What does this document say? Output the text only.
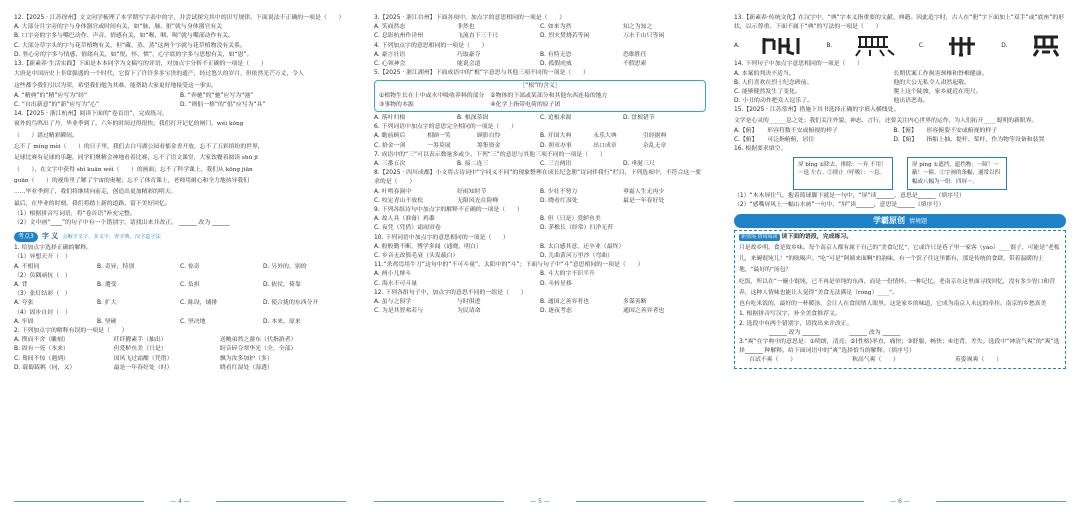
12.【2025 · 江苏徐州】文文同学梳理了本学期写字表中的字，并尝试探究其中的识写规律。下面说法不正确的一项是（　　）
A. 大部分月字旁的字与身体器官或时间有关，如“脉、肺、脏”就与身体器官有关
B. 口字旁的字多与嘴巴动作、声音、情感有关，如“喉、咽、喝”就与嘴部动作有关。
C. 大部分草字头的字与花草植物有关，但“藏、蒸、蒸”这两个字就与花草植物没有关系。
D. 竖心旁的字多与情感、情绪有关，如“悦、怀、愤”，心字底的字多与思想有关，如“恩”。
13.【新素养·生活实践】下面是本本同学为文稿写的评语，对加点字分析不正确的一项是（　　）
大唐是中国历史上非常强盛的一个时代，它留下了许许多多宝贵的遗产，经过悠久的岁月，但依然光芒万丈，令人
这些都令我们引以为荣，希望我们勉为其难，能帮助大家更好地接受这一事实。
A. “精典”的“精”应写为“经”	B. “奔驰”的“驰”应写为“弛”
C. “自出新意”的“新”应写为“心”	D. “则倡一格”的“倡”应写为“具”
14.【2025 · 浙江杭州】阅读下面的“卷首语”，完成练习。
窗外的鸟鸣出了丹，毕业季到了。六年的时间过得很快。我们打开记忆的闸门，wéi kōng
（　　）错过精彩瞬间。
忘不了 míng mèi（　　）的日子里，我们去白马湖公园看郁金香开放，忘不了五彩缤纷的世界，
足球比赛有足球的乐趣，同学们聚精会神地看着比赛，忘不了语文课堂，大家饮餐着阅读 shū jī
（　　），在文字中获得 shí kuān wéi（　　）的画面；忘不了科学课上，我们从 kōng jiān
guān（　　）的视角里了解了宇宙的奥秘；忘不了体育课上，老师用耐心和全力地执导我们
……毕业季到了，我们将继续向前走，创造出更加精彩的明天。
最后，在毕业的时刻，我们将踏上新的道路，留下美好回忆。
（1）根据拼音写词语，将“卷首语”补充完整。
（2）文中画“____”的句子中有一个错别字，请找出来并改正。 ______ 改为 ______
考点3	字 义 会解字义字、多义字、查字典、汉字造字法
1. 给加点字选择正确的解释。
（1）异想天开（　）
A. 不相同	B. 奇异，特别	C. 惊奇	D. 另外的，别的
（2）负隅顽抗（　）
A. 背	B. 遭受	C. 负担	D. 依仗，倚靠
（3）张灯结彩（　）
A. 夸张	B. 扩大	C. 陈设，铺排	D. 使合拢的东西分开
（4）固步自封（　）
A. 牢固	B. 坚硬	C. 坚决地	D. 本来，原来
2. 下列加点字的解释有误的一项是（　　）
A. 锲而不舍（雕刻）	纤纤擢素手（抽出）	送鲍弟然之游东（代指游者）
B. 固有一死（本来）	但爱鲈鱼美（只是）	盼音碎夺翠华光（全，全部）
C. 蓦间不惊（遇到）	国风飞过霜酣（凭借）	飘为汝多加护（多）
D. 载蜀载羁（同，又）	最是一年春好处（时）	晓看红湿处（湿透）
— 4 —
3.【2025 · 浙江台州】下面各项中，加点字的意思相同的一项是（　　）
A. 笑面然态	非然也	C. 如来为然	知之为知之
C. 息影杭州作洋州	飞流直下三千尺	D. 烈火焚烧若等闲	万水千山只等闲
4. 下列加点字的意思相同的一项是（　　）
A. 豪言壮语	巧取豪夺	B. 有特无恐	恐维胜任
C. 心领神会	能说会道	D. 孤假虎威	不假思索
5.【2025 · 浙江湖州】下面成语中的“根”字意思与其他三项不同的一项是（　　）
［“根”的含义］
①植物生长在土中或水中吸收养料的部分　②物体的下部或某部分和其他东西连接的地方
③事物的本源　　　　　　　　　　　　　④化学上指带电荷的原子团
A. 落叶归根	B. 根深蒂固	C. 追根求源	D. 盘根错节
6. 下列词语中加点字的意思完全相同的一项是（　　）
A. 瞻前顾后	相顾一笑	顾影自怜	B. 开国大典	永乐大典	引经据典
C. 拾金一剑	一筹莫展	筹集资金	D. 照章办事	出口成章	杂乱无章
7. 成语中的“三”可以表示数量多或少。下列“三”的意思与其他三项不同的一项是（　　）
A. 三番五次	B. 接二连三	C. 三言两语	D. 垂涎三尺
8.【2025 · 四川成都】小文将古诗词中“字同义不同”的现象整理在成长纪念册“诗词伴我行”栏目，下列选项中，不符合这一要求的是（　　）
A. 叶鸣春涧中	好雨知时节	B. 少壮不努力	垂霜人生无再少
C. 咬定青山不放松	无限风光在险峰	D. 晓看红湿处	最是一年春好处
9. 下列各组诗句中加点字的解释不正确的一项是（　　）
A. 故人具（准备）鸡黍	B. 但（只是）爱鲈鱼美
C. 夜凭（凭借）霜雨帘卷	D. 茅檐长（经常）扫净无苔
10. 下列词语中加点字的意思相同的一项是（　　）
A. 般般勤不断，博学多闻（通晓，明白）	B. 太白感其意，还卒业（最终）
C. 乡音无改鬓毛衰（头发疏白）	D. 儿曲黄河万里沙（弯曲）
11.“杀鸡焉用牛刀”这句中的“不可斗量”，太阳中的“斗”；下面与句子中“斗”意思相同的一项是（　　）
A. 两小儿辩斗	B. 斗大的字不识半升
C. 海水不可斗量	D. 斗转星移
12. 下列各组句子中，加点字的意思不同的一组是（　　）
A. 虽与之俱学	与时俱进	B. 通国之善弈者也	多谋善断
C. 为是其智弗若与	为民请命	D. 逐夜考虑	通国之善弈者也
— 5 —
13.【新素养·传统文化】在汉字中，“典”字本义指重要的文献、典籍。因此造字时，古人在“册”字下面加上“双手”或“底座”的形状，以示尊重。下面不属于“典”的写法的一项是（　　）
A.	B.	C.	D.
14. 下列句子中加点字意思相同的一项是（　　）
A. 本案的判决不适当。	长期伏案工作损害颈椎和脊椎健康。
B. 人们喜欢在烈士纪念碑前。	他的大公无私令人肃然起敬。
C. 能够健然发生了变化。	爬上这个陡坡，家乡就近在咫尺。
D. 小丑的动作把众人逗乐了。	他出语恶毒。
15.【2025 · 江苏常州】措施下其书选择正确的字填入横线处。
文学是心灵的______息之处；我们关注外貌、神态、言行，还要关注内心世界的运作，为人们拓开____ 聪明的新眼界。
A.【俯】	形容符数不安或俯视的样子	B.【俯】	形容俯姿不安或俯视的样子
C.【俯】	可泛指俯俯，居住	D.【俯】	指船上抽、提杆、桨杆，作为物等设备和装置
16. 根据要求填空。
屏 bǐng ①除去，排除：～弃 不用！～退 左右。②抑止（呼吸）：～息。
屏 píng ①遮挡，遮挡物：～障！～蔽！～障。②字画的条幅，通常以四幅或八幅为一组：四屏～。
（1）“木木屏住气，抱着篮球脚下就是一句中，“屏”读______，意思是______（填序号）
（2）“感嘴屏风上一幅山水画”一句中，“屏”读______，意思是______（填序号）
学霸原创 情境题
新情境·情境阅读 读下面的语段，完成练习。
月是故乡明，食是故乡味。每个南京人都有属于自己的“美食记忆”，它或许只是巷子里一家客（yáo）____馄子，可能是“老板儿，来碗馄饨儿！”的吆喝声。“吃”可是“阿姨来面啊”的韵味，有一个馆子往这里都有，那是传统的食肆，带着温暖的土地，“最好的”汤包？
吃饭，所以在“一碗小馄饨，已不再是单纯的东西，而是一份情怀、一种记忆。老南京在这里面寻找回忆，没有多少胃口和营养，这种人情味也能让人觉得“美食无法满足（róng）____”。
也有吃米饭的，最好的一杯暖汤，会让人在食间情人眼里，这是家乡的味道，它成为南京人永远的牵挂。南京的乡愁真美
1. 根据拼音写汉字，补全美食推荐文。
2. 选段中有两个错别字，请找出来并改正。
______ 改为 ______　　　　　______ 改为 ______
3.“爽”在字典中的意思是：①明朗，清亮；②(性格)率直，痛快；③舒服，畅快；④违背，差失。选段中“神清气爽”的“爽”选择______ 种解释。给下面词语中的“爽”选择恰当的解释。（填序号）
百试不爽（　　）	秋高气爽（　　）	英姿飒爽（　　）
— 6 —
